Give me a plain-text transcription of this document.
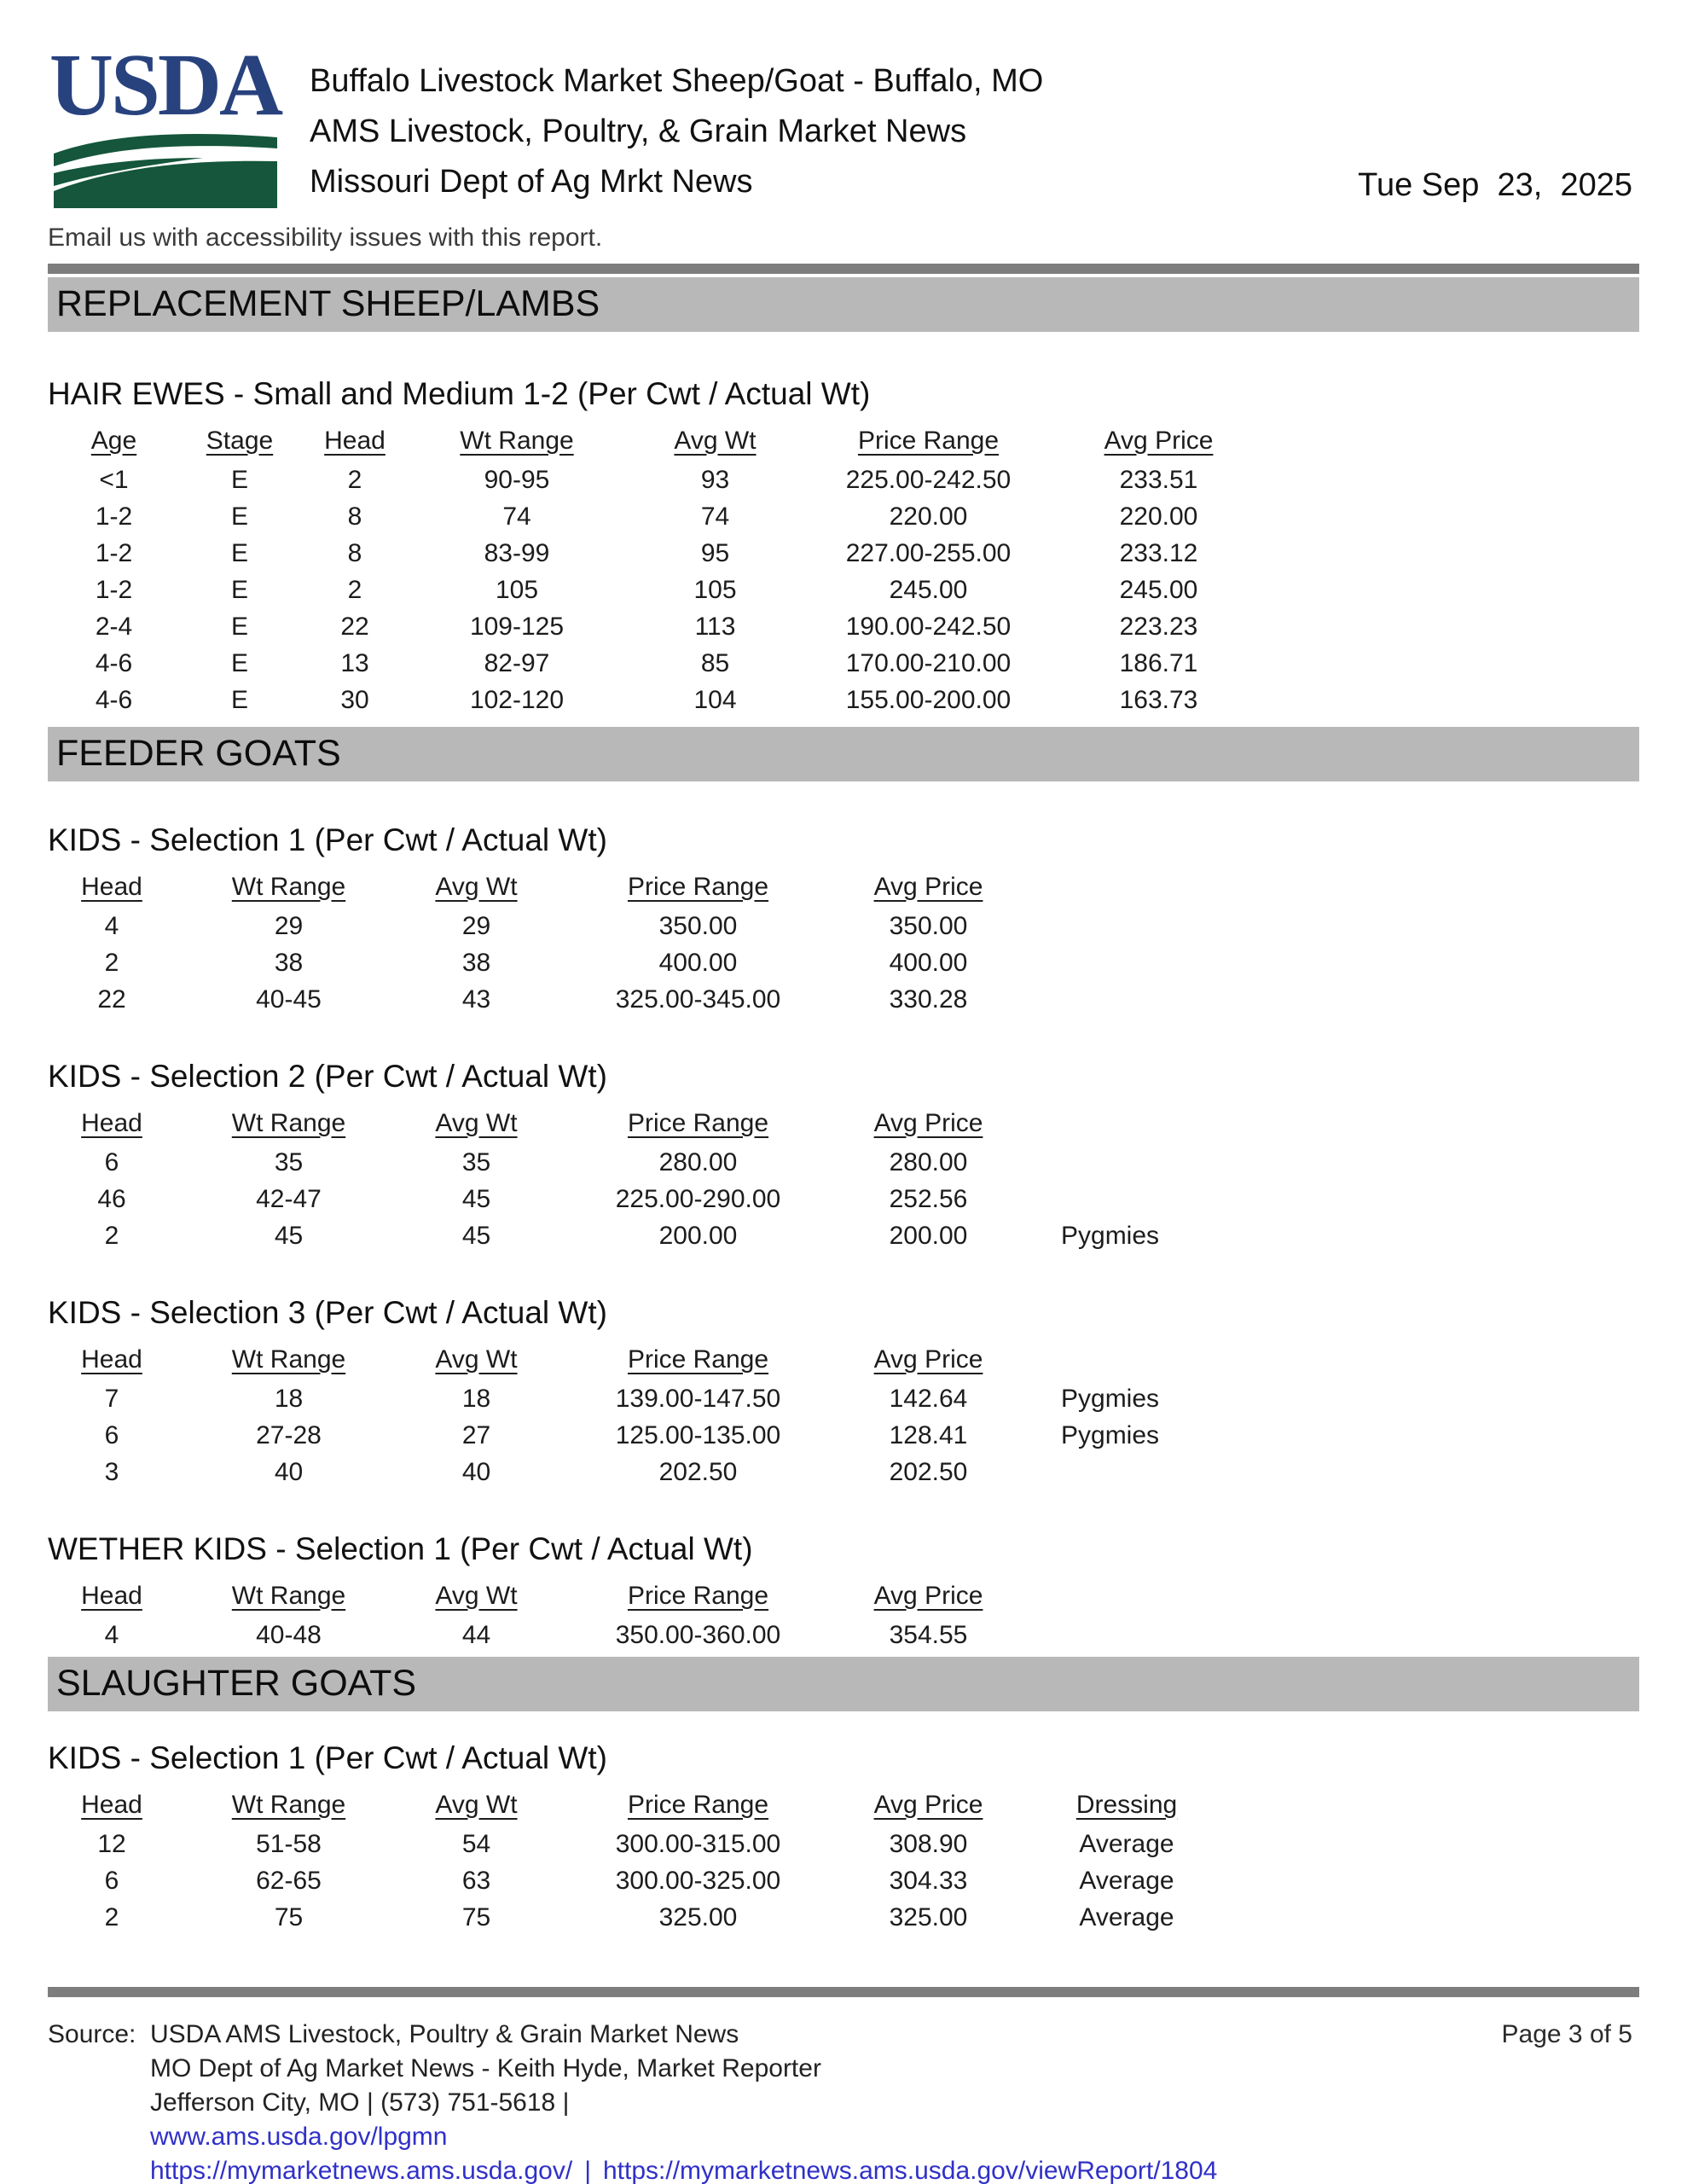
USDA Buffalo Livestock Market Sheep/Goat - Buffalo, MO
AMS Livestock, Poultry, & Grain Market News
Missouri Dept of Ag Mrkt News	Tue Sep  23,  2025
Email us with accessibility issues with this report.
REPLACEMENT SHEEP/LAMBS
HAIR EWES - Small and Medium 1-2 (Per Cwt / Actual Wt)
Age	Stage	Head	Wt Range	Avg Wt	Price Range	Avg Price
<1	E	2	90-95	93	225.00-242.50	233.51
1-2	E	8	74	74	220.00	220.00
1-2	E	8	83-99	95	227.00-255.00	233.12
1-2	E	2	105	105	245.00	245.00
2-4	E	22	109-125	113	190.00-242.50	223.23
4-6	E	13	82-97	85	170.00-210.00	186.71
4-6	E	30	102-120	104	155.00-200.00	163.73
FEEDER GOATS
KIDS - Selection 1 (Per Cwt / Actual Wt)
Head	Wt Range	Avg Wt	Price Range	Avg Price
4	29	29	350.00	350.00
2	38	38	400.00	400.00
22	40-45	43	325.00-345.00	330.28
KIDS - Selection 2 (Per Cwt / Actual Wt)
Head	Wt Range	Avg Wt	Price Range	Avg Price
6	35	35	280.00	280.00
46	42-47	45	225.00-290.00	252.56
2	45	45	200.00	200.00	Pygmies
KIDS - Selection 3 (Per Cwt / Actual Wt)
Head	Wt Range	Avg Wt	Price Range	Avg Price
7	18	18	139.00-147.50	142.64	Pygmies
6	27-28	27	125.00-135.00	128.41	Pygmies
3	40	40	202.50	202.50
WETHER KIDS - Selection 1 (Per Cwt / Actual Wt)
Head	Wt Range	Avg Wt	Price Range	Avg Price
4	40-48	44	350.00-360.00	354.55
SLAUGHTER GOATS
KIDS - Selection 1 (Per Cwt / Actual Wt)
Head	Wt Range	Avg Wt	Price Range	Avg Price	Dressing
12	51-58	54	300.00-315.00	308.90	Average
6	62-65	63	300.00-325.00	304.33	Average
2	75	75	325.00	325.00	Average
Source: USDA AMS Livestock, Poultry & Grain Market News
MO Dept of Ag Market News - Keith Hyde, Market Reporter
Jefferson City, MO | (573) 751-5618 |
www.ams.usda.gov/lpgmn
https://mymarketnews.ams.usda.gov/ | https://mymarketnews.ams.usda.gov/viewReport/1804
Page 3 of 5
